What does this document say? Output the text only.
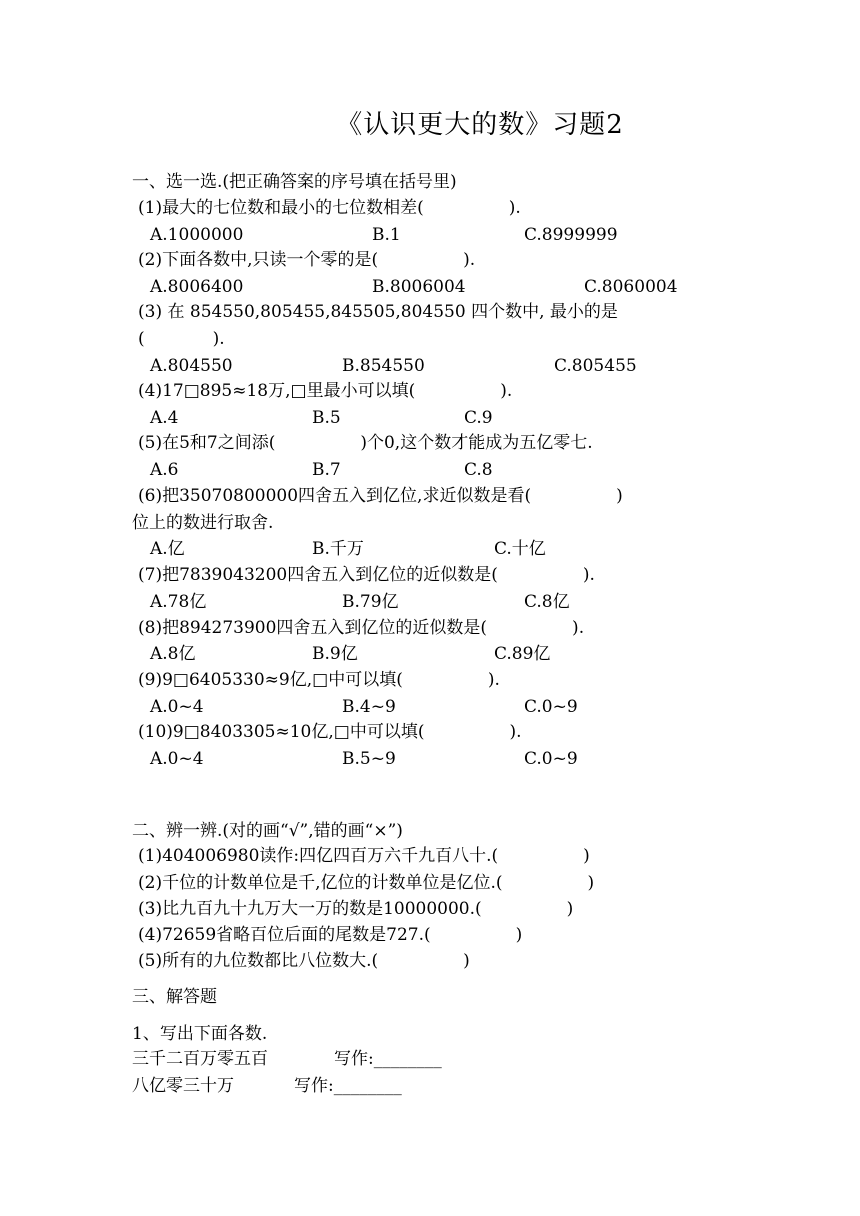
《认识更大的数》习题2
一、选一选.(把正确答案的序号填在括号里)
(1)最大的七位数和最小的七位数相差(　　　　　).
A.1000000	B.1	C.8999999
(2)下面各数中,只读一个零的是(　　　　　).
A.8006400	B.8006004	C.8060004
(3) 在 854550,805455,845505,804550 四个数中, 最小的是
(　　　　).
A.804550	B.854550	C.805455
(4)17□895≈18万,□里最小可以填(　　　　　).
A.4	B.5	C.9
(5)在5和7之间添(　　　　　)个0,这个数才能成为五亿零七.
A.6	B.7	C.8
(6)把35070800000四舍五入到亿位,求近似数是看(　　　　　)
位上的数进行取舍.
A.亿	B.千万	C.十亿
(7)把7839043200四舍五入到亿位的近似数是(　　　　　).
A.78亿	B.79亿	C.8亿
(8)把894273900四舍五入到亿位的近似数是(　　　　　).
A.8亿	B.9亿	C.89亿
(9)9□6405330≈9亿,□中可以填(　　　　　).
A.0~4	B.4~9	C.0~9
(10)9□8403305≈10亿,□中可以填(　　　　　).
A.0~4	B.5~9	C.0~9
二、辨一辨.(对的画“√”,错的画“×”)
(1)404006980读作:四亿四百万六千九百八十.(　　　　　)
(2)千位的计数单位是千,亿位的计数单位是亿位.(　　　　　)
(3)比九百九十九万大一万的数是10000000.(　　　　　)
(4)72659省略百位后面的尾数是727.(　　　　　)
(5)所有的九位数都比八位数大.(　　　　　)
三、解答题
1、写出下面各数.
三千二百万零五百	写作:________
八亿零三十万	写作:________
